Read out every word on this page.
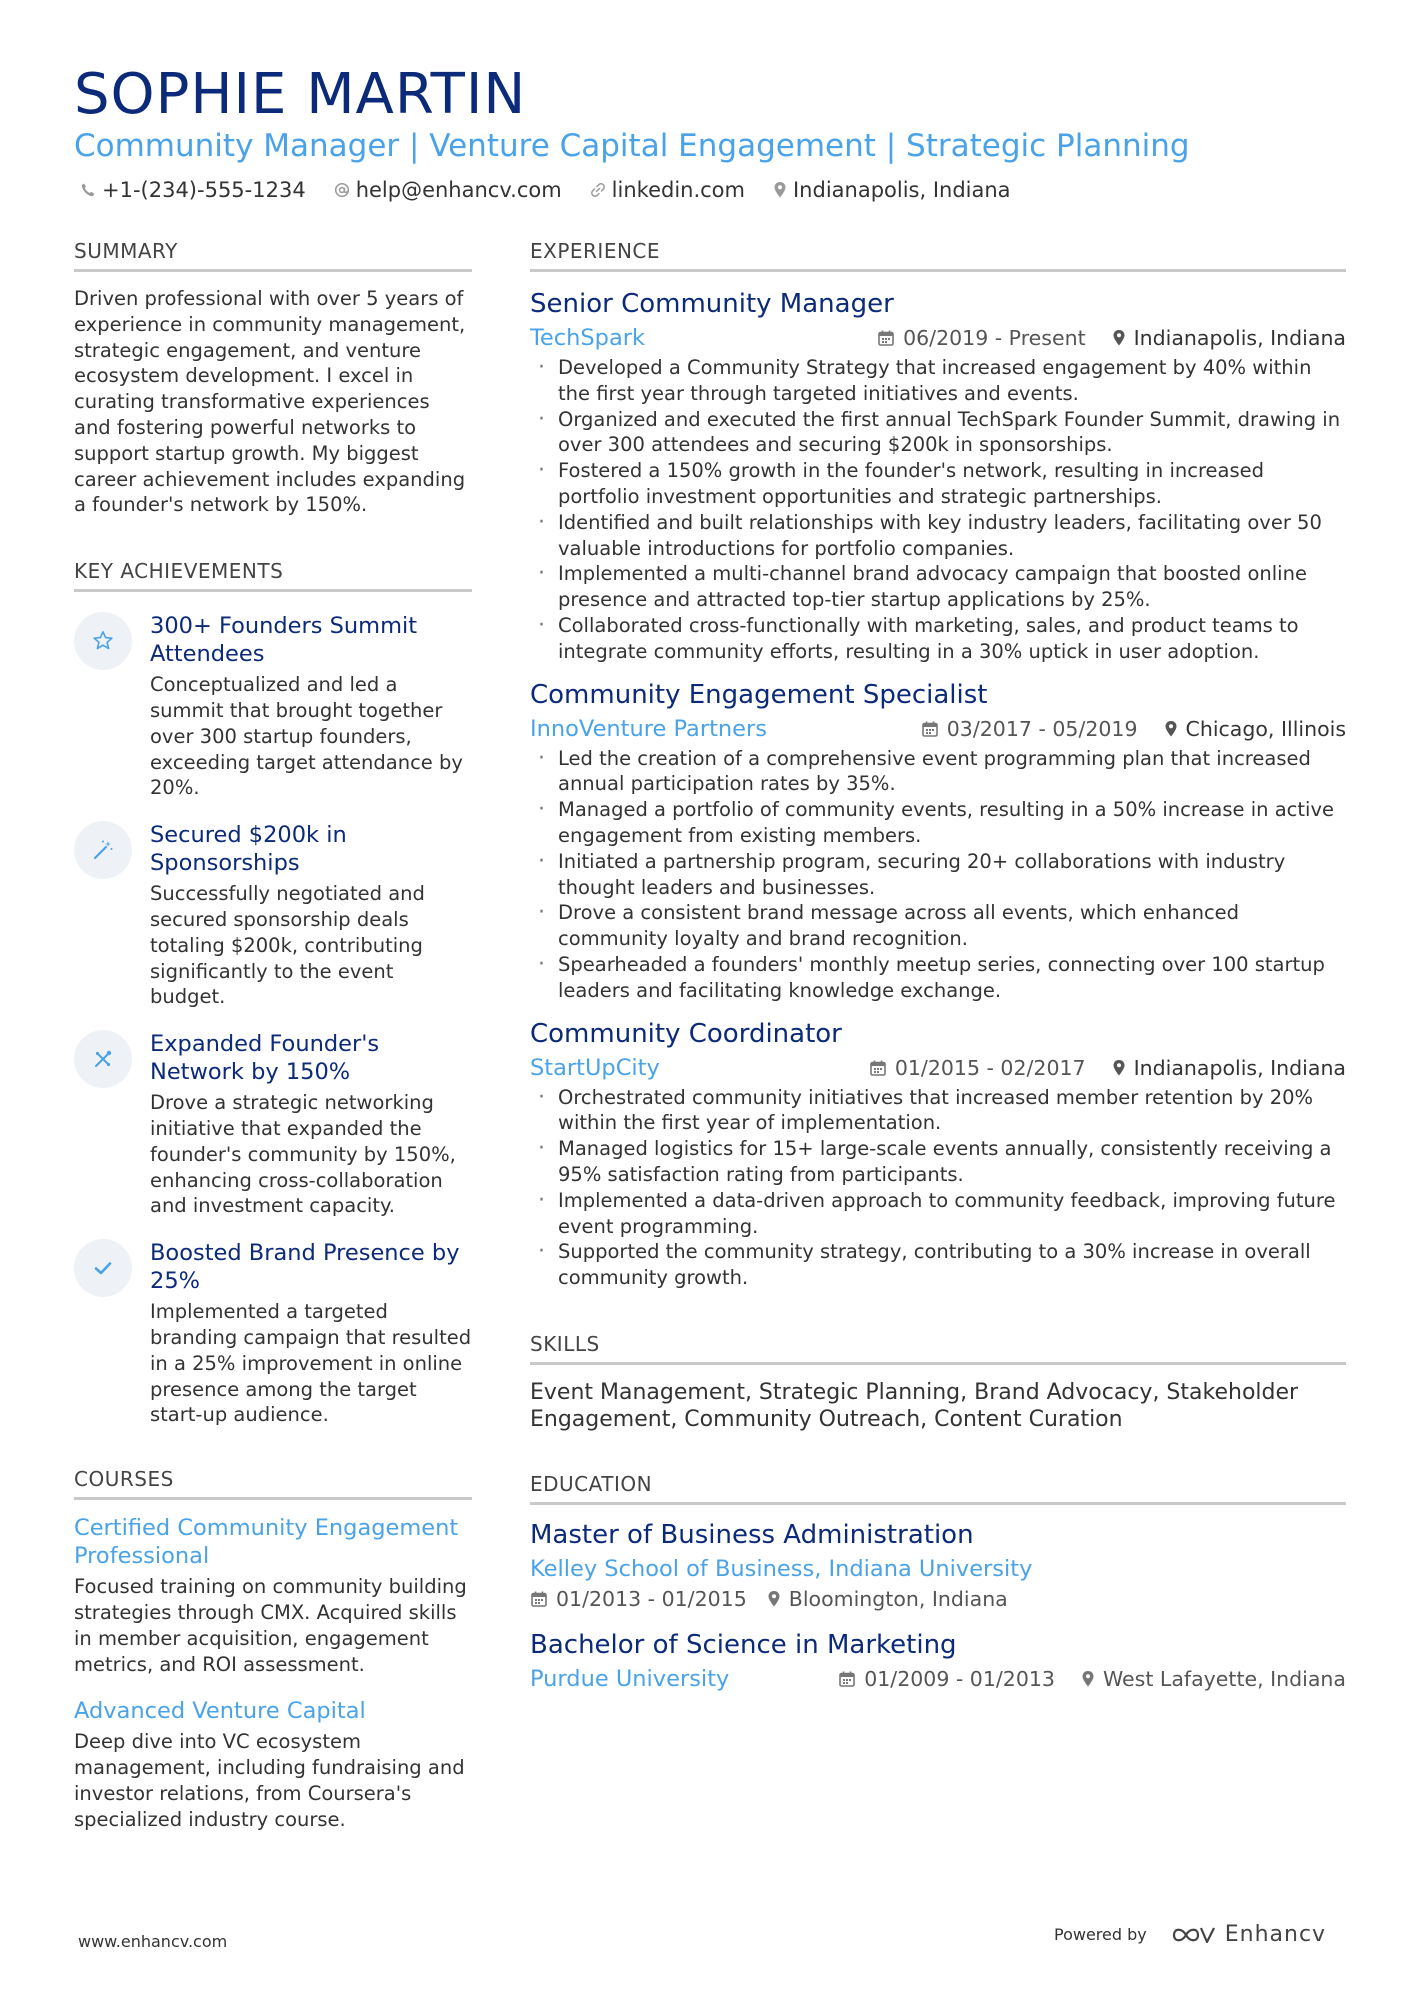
SOPHIE MARTIN
Community Manager | Venture Capital Engagement | Strategic Planning
+1-(234)-555-1234 help@enhancv.com linkedin.com Indianapolis, Indiana
SUMMARY

Driven professional with over 5 years of experience in community management, strategic engagement, and venture ecosystem development. I excel in curating transformative experiences and fostering powerful networks to support startup growth. My biggest career achievement includes expanding a founder's network by 150%.

KEY ACHIEVEMENTS
300+ Founders Summit Attendees
Conceptualized and led a summit that brought together over 300 startup founders, exceeding target attendance by 20%.
Secured $200k in Sponsorships
Successfully negotiated and secured sponsorship deals totaling $200k, contributing significantly to the event budget.
Expanded Founder's Network by 150%
Drove a strategic networking initiative that expanded the founder's community by 150%, enhancing cross-collaboration and investment capacity.
Boosted Brand Presence by 25%
Implemented a targeted branding campaign that resulted in a 25% improvement in online presence among the target start-up audience.
COURSES
Certified Community Engagement Professional
Focused training on community building strategies through CMX. Acquired skills in member acquisition, engagement metrics, and ROI assessment.
Advanced Venture Capital
Deep dive into VC ecosystem management, including fundraising and investor relations, from Coursera's specialized industry course.
EXPERIENCE
Senior Community Manager
TechSpark	06/2019 - Present Indianapolis, Indiana
· Developed a Community Strategy that increased engagement by 40% within the first year through targeted initiatives and events.
· Organized and executed the first annual TechSpark Founder Summit, drawing in over 300 attendees and securing $200k in sponsorships.
· Fostered a 150% growth in the founder's network, resulting in increased portfolio investment opportunities and strategic partnerships.
· Identified and built relationships with key industry leaders, facilitating over 50 valuable introductions for portfolio companies.
· Implemented a multi-channel brand advocacy campaign that boosted online presence and attracted top-tier startup applications by 25%.
· Collaborated cross-functionally with marketing, sales, and product teams to integrate community efforts, resulting in a 30% uptick in user adoption.
Community Engagement Specialist
InnoVenture Partners	03/2017 - 05/2019 Chicago, Illinois
· Led the creation of a comprehensive event programming plan that increased annual participation rates by 35%.
· Managed a portfolio of community events, resulting in a 50% increase in active engagement from existing members.
· Initiated a partnership program, securing 20+ collaborations with industry thought leaders and businesses.
· Drove a consistent brand message across all events, which enhanced community loyalty and brand recognition.
· Spearheaded a founders' monthly meetup series, connecting over 100 startup leaders and facilitating knowledge exchange.
Community Coordinator
StartUpCity	01/2015 - 02/2017 Indianapolis, Indiana
· Orchestrated community initiatives that increased member retention by 20% within the first year of implementation.
· Managed logistics for 15+ large-scale events annually, consistently receiving a 95% satisfaction rating from participants.
· Implemented a data-driven approach to community feedback, improving future event programming.
· Supported the community strategy, contributing to a 30% increase in overall community growth.
SKILLS

Event Management, Strategic Planning, Brand Advocacy, Stakeholder Engagement, Community Outreach, Content Curation

EDUCATION
Master of Business Administration
Kelley School of Business, Indiana University
01/2013 - 01/2015 Bloomington, Indiana
Bachelor of Science in Marketing
Purdue University	01/2009 - 01/2013 West Lafayette, Indiana
www.enhancv.com	Powered by	Enhancv
